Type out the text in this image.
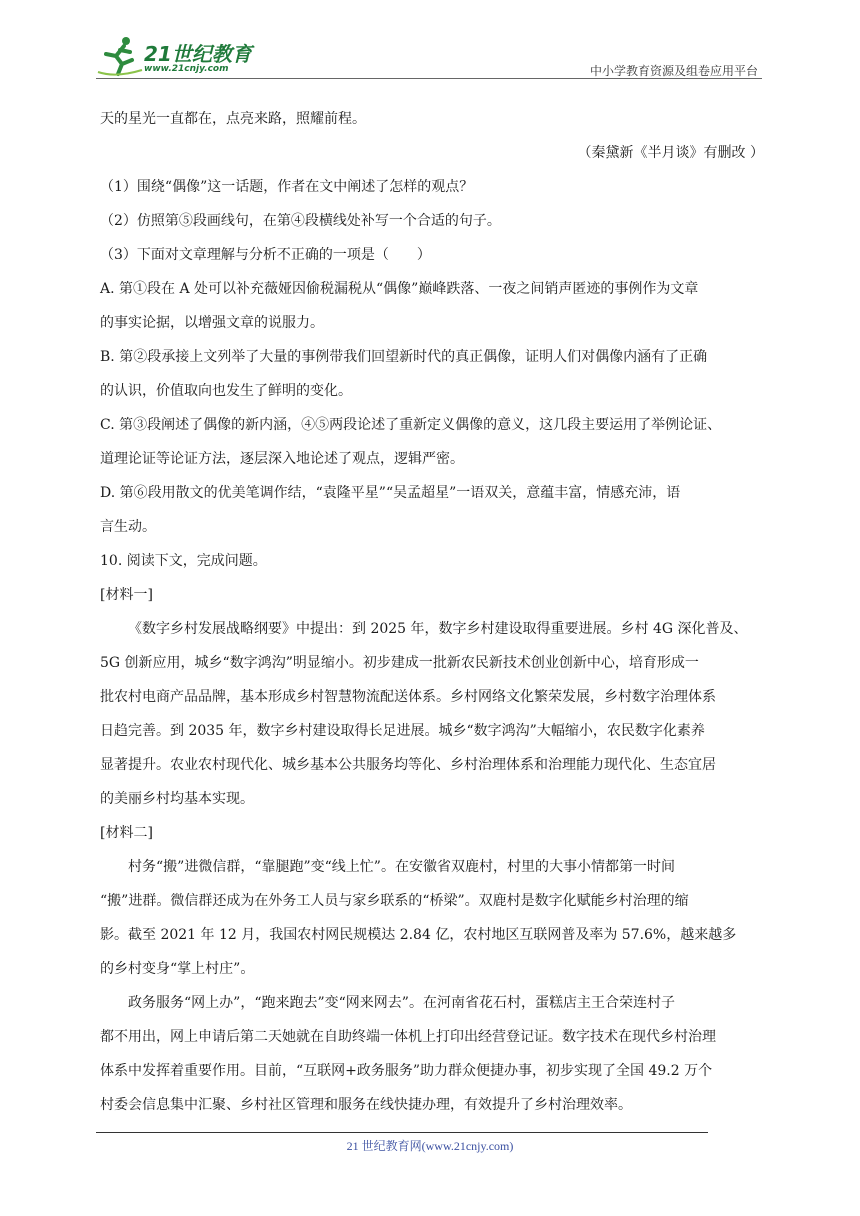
21世纪教育
www.21cnjy.com	中小学教育资源及组卷应用平台
天的星光一直都在，点亮来路，照耀前程。
（秦黛新《半月谈》有删改 ）
（1）围绕“偶像”这一话题，作者在文中阐述了怎样的观点？
（2）仿照第⑤段画线句，在第④段横线处补写一个合适的句子。
（3）下面对文章理解与分析不正确的一项是（　　）
A. 第①段在 A 处可以补充薇娅因偷税漏税从“偶像”巅峰跌落、一夜之间销声匿迹的事例作为文章
的事实论据，以增强文章的说服力。
B. 第②段承接上文列举了大量的事例带我们回望新时代的真正偶像，证明人们对偶像内涵有了正确
的认识，价值取向也发生了鲜明的变化。
C. 第③段阐述了偶像的新内涵，④⑤两段论述了重新定义偶像的意义，这几段主要运用了举例论证、
道理论证等论证方法，逐层深入地论述了观点，逻辑严密。
D. 第⑥段用散文的优美笔调作结，“袁隆平星”“吴孟超星”一语双关，意蕴丰富，情感充沛，语
言生动。
10. 阅读下文，完成问题。
[材料一]
《数字乡村发展战略纲要》中提出：到 2025 年，数字乡村建设取得重要进展。乡村 4G 深化普及、
5G 创新应用，城乡“数字鸿沟”明显缩小。初步建成一批新农民新技术创业创新中心，培育形成一
批农村电商产品品牌，基本形成乡村智慧物流配送体系。乡村网络文化繁荣发展，乡村数字治理体系
日趋完善。到 2035 年，数字乡村建设取得长足进展。城乡“数字鸿沟”大幅缩小，农民数字化素养
显著提升。农业农村现代化、城乡基本公共服务均等化、乡村治理体系和治理能力现代化、生态宜居
的美丽乡村均基本实现。
[材料二]
村务“搬”进微信群，“靠腿跑”变“线上忙”。在安徽省双鹿村，村里的大事小情都第一时间
“搬”进群。微信群还成为在外务工人员与家乡联系的“桥梁”。双鹿村是数字化赋能乡村治理的缩
影。截至 2021 年 12 月，我国农村网民规模达 2.84 亿，农村地区互联网普及率为 57.6%，越来越多
的乡村变身“掌上村庄”。
政务服务“网上办”，“跑来跑去”变“网来网去”。在河南省花石村，蛋糕店主王合荣连村子
都不用出，网上申请后第二天她就在自助终端一体机上打印出经营登记证。数字技术在现代乡村治理
体系中发挥着重要作用。目前，“互联网+政务服务”助力群众便捷办事，初步实现了全国 49.2 万个
村委会信息集中汇聚、乡村社区管理和服务在线快捷办理，有效提升了乡村治理效率。
21 世纪教育网(www.21cnjy.com)
